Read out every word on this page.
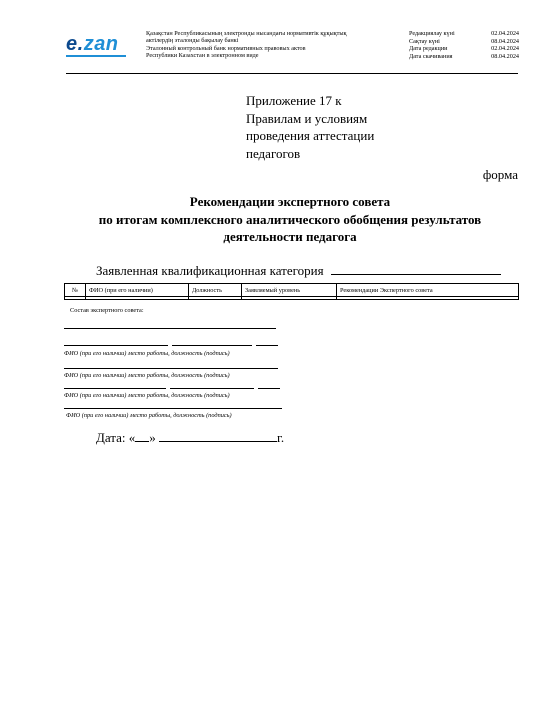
e.zan	Қазақстан Республикасының электронды нысандағы нормативтік құқықтық
актілердің эталонды бақылау банкі
Эталонный контрольный банк нормативных правовых актов
Республики Казахстан в электронном виде
Редакциялау күні	02.04.2024
Сақтау күні	08.04.2024
Дата редакции	02.04.2024
Дата скачивания	08.04.2024
Приложение 17 к
Правилам и условиям
проведения аттестации
педагогов
форма
Рекомендации экспертного совета
по итогам комплексного аналитического обобщения результатов
деятельности педагога
Заявленная квалификационная категория
№	ФИО (при его наличии)	Должность	Заявляемый уровень	Рекомендации Экспертного совета

Состав экспертного совета:
ФИО (при его наличии) место работы, должность (подпись)
ФИО (при его наличии) место работы, должность (подпись)
ФИО (при его наличии) место работы, должность (подпись)
ФИО (при его наличии) место работы, должность (подпись)
Дата: « »	г.
